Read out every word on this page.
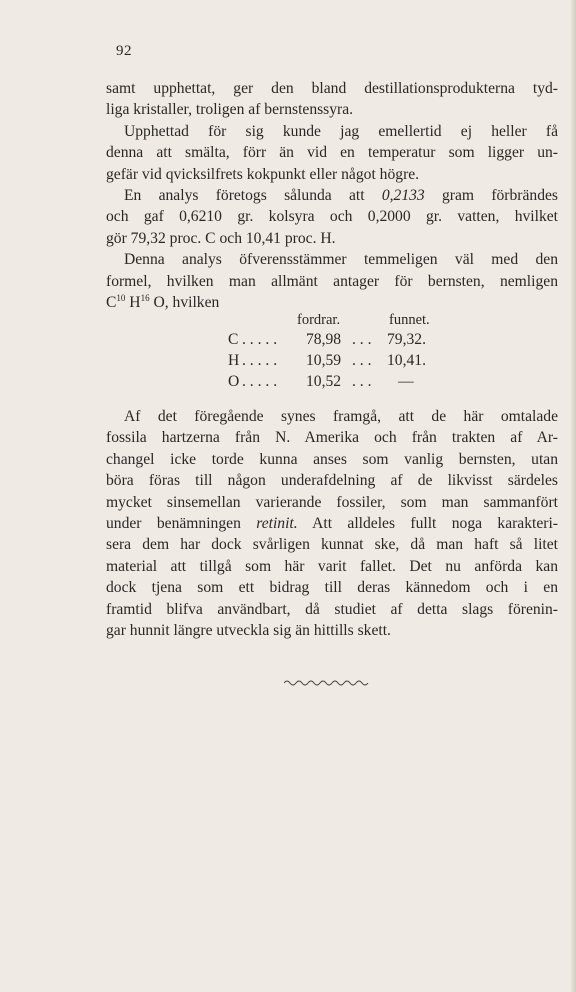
92
samt upphettat, ger den bland destillationsprodukterna tyd-
liga kristaller, troligen af bernstenssyra.
Upphettad för sig kunde jag emellertid ej heller få
denna att smälta, förr än vid en temperatur som ligger un-
gefär vid qvicksilfrets kokpunkt eller något högre.
En analys företogs sålunda att 0,2133 gram förbrändes
och gaf 0,6210 gr. kolsyra och 0,2000 gr. vatten, hvilket
gör 79,32 proc. C och 10,41 proc. H.
Denna analys öfverensstämmer temmeligen väl med den
formel, hvilken man allmänt antager för bernsten, nemligen
$C^{10}$ $H^{16}$ O, hvilken
fordrar.	funnet.
C . . . . . 78,98 . . . 79,32.
H . . . . . 10,59 . . . 10,41.
O . . . . . 10,52 . . . —
Af det föregående synes framgå, att de här omtalade
fossila hartzerna från N. Amerika och från trakten af Ar-
changel icke torde kunna anses som vanlig bernsten, utan
böra föras till någon underafdelning af de likvisst särdeles
mycket sinsemellan varierande fossiler, som man sammanfört
under benämningen retinit. Att alldeles fullt noga karakteri-
sera dem har dock svårligen kunnat ske, då man haft så litet
material att tillgå som här varit fallet. Det nu anförda kan
dock tjena som ett bidrag till deras kännedom och i en
framtid blifva användbart, då studiet af detta slags förenin-
gar hunnit längre utveckla sig än hittills skett.
